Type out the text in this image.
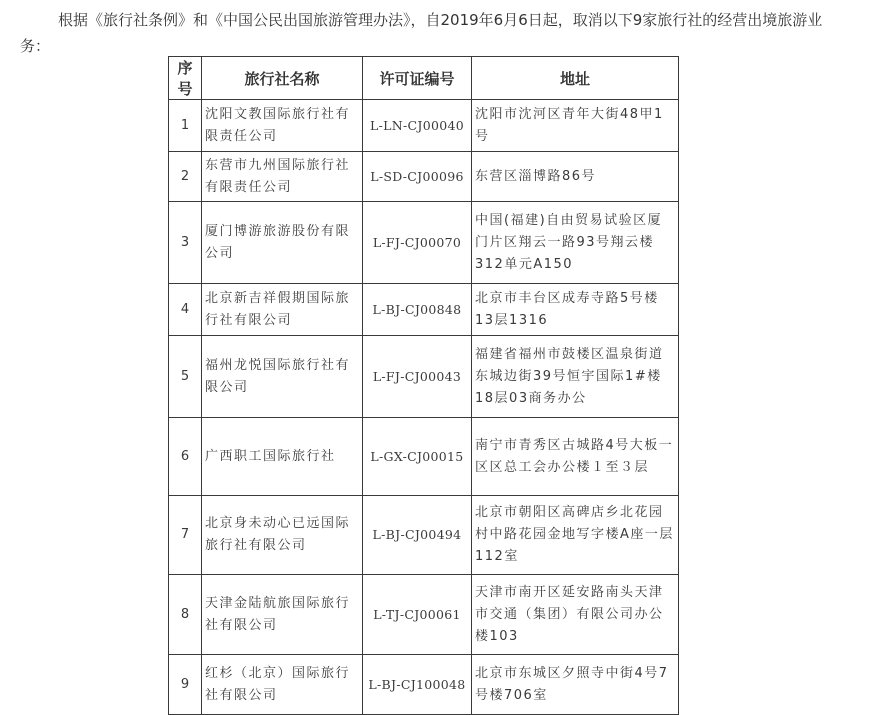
根据《旅行社条例》和《中国公民出国旅游管理办法》，自2019年6月6日起，取消以下9家旅行社的经营出境旅游业务：

序号	旅行社名称	许可证编号	地址
1	沈阳文教国际旅行社有限责任公司	L-LN-CJ00040	沈阳市沈河区青年大街48甲1号
2	东营市九州国际旅行社有限责任公司	L-SD-CJ00096	东营区淄博路86号
3	厦门博游旅游股份有限公司	L-FJ-CJ00070	中国(福建)自由贸易试验区厦门片区翔云一路93号翔云楼312单元A150
4	北京新吉祥假期国际旅行社有限公司	L-BJ-CJ00848	北京市丰台区成寿寺路5号楼13层1316
5	福州龙悦国际旅行社有限公司	L-FJ-CJ00043	福建省福州市鼓楼区温泉街道东城边街39号恒宇国际1#楼18层03商务办公
6	广西职工国际旅行社	L-GX-CJ00015	南宁市青秀区古城路4号大板一区区总工会办公楼１至３层
7	北京身未动心已远国际旅行社有限公司	L-BJ-CJ00494	北京市朝阳区高碑店乡北花园村中路花园金地写字楼A座一层112室
8	天津金陆航旅国际旅行社有限公司	L-TJ-CJ00061	天津市南开区延安路南头天津市交通（集团）有限公司办公楼103
9	红杉（北京）国际旅行社有限公司	L-BJ-CJ100048	北京市东城区夕照寺中街4号7号楼706室
